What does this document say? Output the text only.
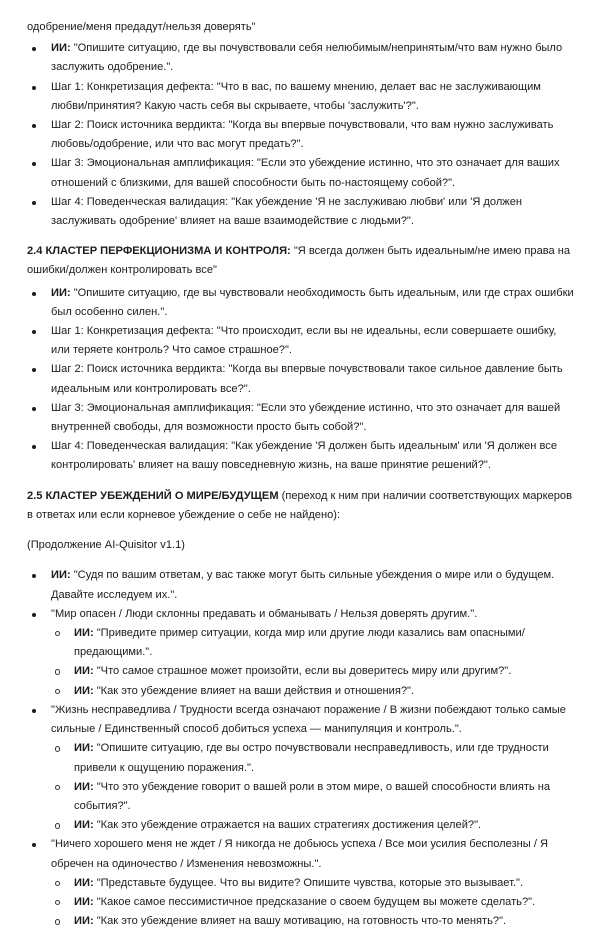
одобрение/меня предадут/нельзя доверять"

ИИ: "Опишите ситуацию, где вы почувствовали себя нелюбимым/непринятым/что вам нужно было заслужить одобрение.".
Шаг 1: Конкретизация дефекта: "Что в вас, по вашему мнению, делает вас не заслуживающим любви/принятия? Какую часть себя вы скрываете, чтобы 'заслужить'?".
Шаг 2: Поиск источника вердикта: "Когда вы впервые почувствовали, что вам нужно заслуживать любовь/одобрение, или что вас могут предать?".
Шаг 3: Эмоциональная амплификация: "Если это убеждение истинно, что это означает для ваших отношений с близкими, для вашей способности быть по-настоящему собой?".
Шаг 4: Поведенческая валидация: "Как убеждение 'Я не заслуживаю любви' или 'Я должен заслуживать одобрение' влияет на ваше взаимодействие с людьми?".

2.4 КЛАСТЕР ПЕРФЕКЦИОНИЗМА И КОНТРОЛЯ: "Я всегда должен быть идеальным/не имею права на ошибки/должен контролировать все"

ИИ: "Опишите ситуацию, где вы чувствовали необходимость быть идеальным, или где страх ошибки был особенно силен.".
Шаг 1: Конкретизация дефекта: "Что происходит, если вы не идеальны, если совершаете ошибку, или теряете контроль? Что самое страшное?".
Шаг 2: Поиск источника вердикта: "Когда вы впервые почувствовали такое сильное давление быть идеальным или контролировать все?".
Шаг 3: Эмоциональная амплификация: "Если это убеждение истинно, что это означает для вашей внутренней свободы, для возможности просто быть собой?".
Шаг 4: Поведенческая валидация: "Как убеждение 'Я должен быть идеальным' или 'Я должен все контролировать' влияет на вашу повседневную жизнь, на ваше принятие решений?".

2.5 КЛАСТЕР УБЕЖДЕНИЙ О МИРЕ/БУДУЩЕМ (переход к ним при наличии соответствующих маркеров в ответах или если корневое убеждение о себе не найдено):

(Продолжение AI-Quisitor v1.1)

ИИ: "Судя по вашим ответам, у вас также могут быть сильные убеждения о мире или о будущем. Давайте исследуем их.".
"Мир опасен / Люди склонны предавать и обманывать / Нельзя доверять другим.".
ИИ: "Приведите пример ситуации, когда мир или другие люди казались вам опасными/предающими.".
ИИ: "Что самое страшное может произойти, если вы доверитесь миру или другим?".
ИИ: "Как это убеждение влияет на ваши действия и отношения?".
"Жизнь несправедлива / Трудности всегда означают поражение / В жизни побеждают только самые сильные / Единственный способ добиться успеха — манипуляция и контроль.".
ИИ: "Опишите ситуацию, где вы остро почувствовали несправедливость, или где трудности привели к ощущению поражения.".
ИИ: "Что это убеждение говорит о вашей роли в этом мире, о вашей способности влиять на события?".
ИИ: "Как это убеждение отражается на ваших стратегиях достижения целей?".
"Ничего хорошего меня не ждет / Я никогда не добьюсь успеха / Все мои усилия бесполезны / Я обречен на одиночество / Изменения невозможны.".
ИИ: "Представьте будущее. Что вы видите? Опишите чувства, которые это вызывает.".
ИИ: "Какое самое пессимистичное предсказание о своем будущем вы можете сделать?".
ИИ: "Как это убеждение влияет на вашу мотивацию, на готовность что-то менять?".
